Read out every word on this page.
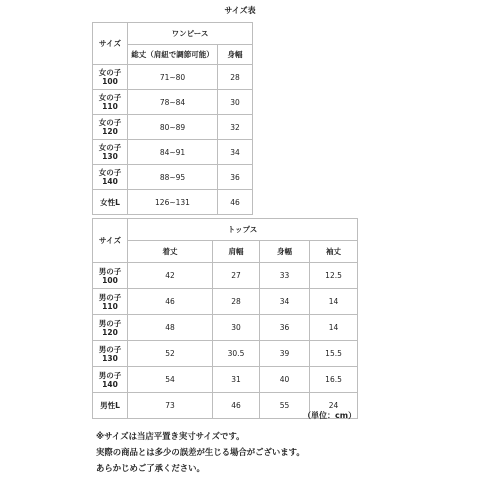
サイズ表
サイズ	ワンピース	
	総丈（肩紐で調節可能）	身幅
女の子
100	71~80	28
女の子
110	78~84	30
女の子
120	80~89	32
女の子
130	84~91	34
女の子
140	88~95	36
女性L	126~131	46
サイズ	トップス			
	着丈	肩幅	身幅	袖丈
男の子
100	42	27	33	12.5
男の子
110	46	28	34	14
男の子
120	48	30	36	14
男の子
130	52	30.5	39	15.5
男の子
140	54	31	40	16.5
男性L	73	46	55	24
（単位：cm）
※サイズは当店平置き実寸サイズです。
実際の商品とは多少の誤差が生じる場合がございます。
あらかじめご了承ください。
